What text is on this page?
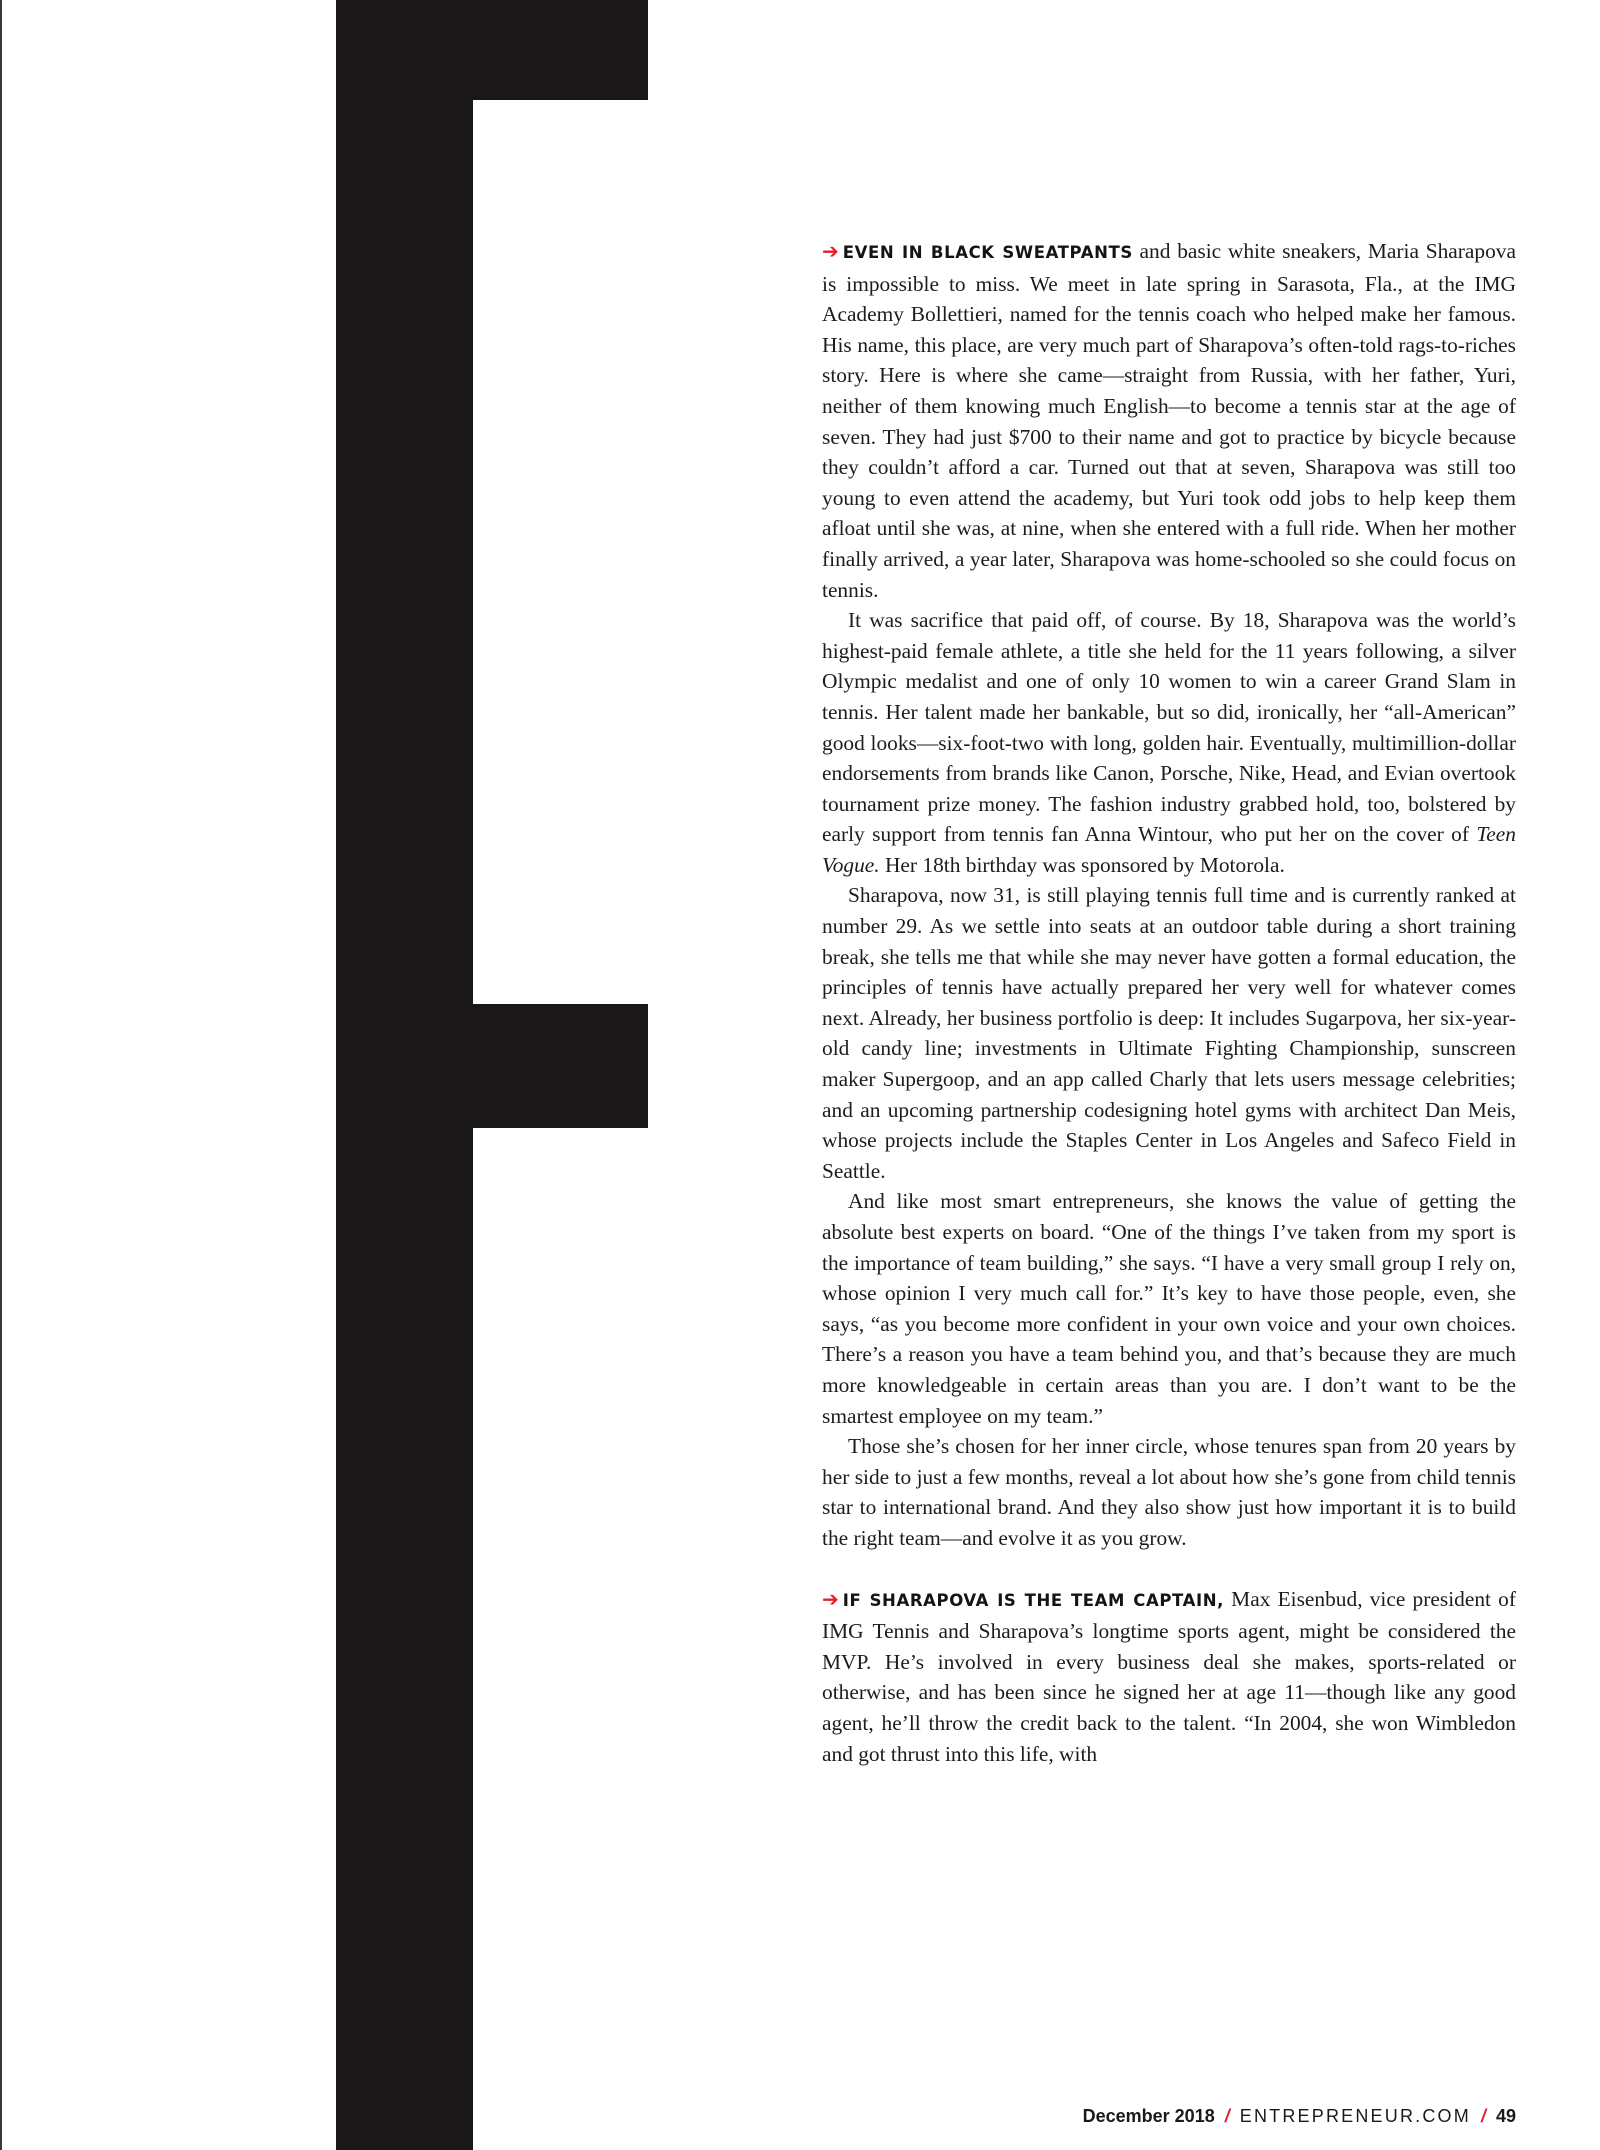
➔ EVEN IN BLACK SWEATPANTS and basic white sneakers, Maria Sharapova is impossible to miss. We meet in late spring in Sarasota, Fla., at the IMG Academy Bollettieri, named for the tennis coach who helped make her famous. His name, this place, are very much part of Sharapova’s often-told rags-to-riches story. Here is where she came—straight from Russia, with her father, Yuri, neither of them knowing much English—to become a tennis star at the age of seven. They had just $700 to their name and got to practice by bicycle because they couldn’t afford a car. Turned out that at seven, Sharapova was still too young to even attend the academy, but Yuri took odd jobs to help keep them afloat until she was, at nine, when she entered with a full ride. When her mother finally arrived, a year later, Sharapova was home-schooled so she could focus on tennis.

It was sacrifice that paid off, of course. By 18, Sharapova was the world’s highest-paid female athlete, a title she held for the 11 years following, a silver Olympic medalist and one of only 10 women to win a career Grand Slam in tennis. Her talent made her bankable, but so did, ironically, her “all-American” good looks—six-foot-two with long, golden hair. Eventually, multimillion-dollar endorsements from brands like Canon, Porsche, Nike, Head, and Evian overtook tournament prize money. The fashion industry grabbed hold, too, bolstered by early support from tennis fan Anna Wintour, who put her on the cover of Teen Vogue. Her 18th birthday was sponsored by Motorola.

Sharapova, now 31, is still playing tennis full time and is currently ranked at number 29. As we settle into seats at an outdoor table during a short training break, she tells me that while she may never have gotten a formal education, the principles of tennis have actually prepared her very well for whatever comes next. Already, her business portfolio is deep: It includes Sugarpova, her six-year-old candy line; investments in Ultimate Fighting Championship, sunscreen maker Supergoop, and an app called Charly that lets users message celebrities; and an upcoming partnership codesigning hotel gyms with architect Dan Meis, whose projects include the Staples Center in Los Angeles and Safeco Field in Seattle.

And like most smart entrepreneurs, she knows the value of getting the absolute best experts on board. “One of the things I’ve taken from my sport is the importance of team building,” she says. “I have a very small group I rely on, whose opinion I very much call for.” It’s key to have those people, even, she says, “as you become more confident in your own voice and your own choices. There’s a reason you have a team behind you, and that’s because they are much more knowledgeable in certain areas than you are. I don’t want to be the smartest employee on my team.”

Those she’s chosen for her inner circle, whose tenures span from 20 years by her side to just a few months, reveal a lot about how she’s gone from child tennis star to international brand. And they also show just how important it is to build the right team—and evolve it as you grow.

➔ IF SHARAPOVA IS THE TEAM CAPTAIN, Max Eisenbud, vice president of IMG Tennis and Sharapova’s longtime sports agent, might be considered the MVP. He’s involved in every business deal she makes, sports-related or otherwise, and has been since he signed her at age 11—though like any good agent, he’ll throw the credit back to the talent. “In 2004, she won Wimbledon and got thrust into this life, with

December 2018 / ENTREPRENEUR.COM / 49
